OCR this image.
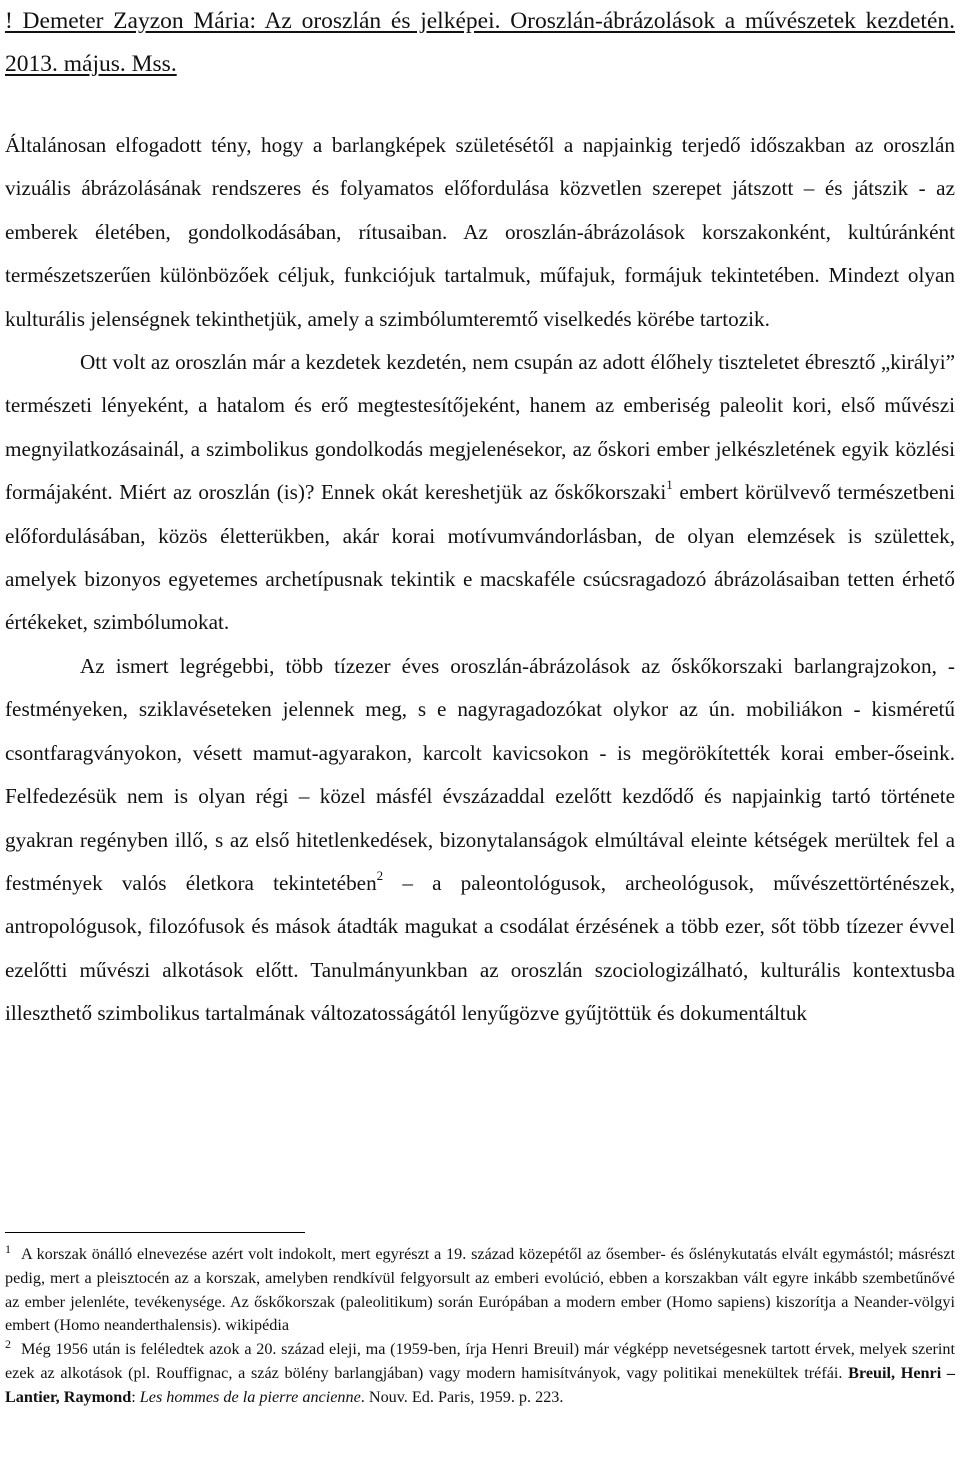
! Demeter Zayzon Mária: Az oroszlán és jelképei. Oroszlán-ábrázolások a művészetek kezdetén. 2013. május. Mss.

Általánosan elfogadott tény, hogy a barlangképek születésétől a napjainkig terjedő időszakban az oroszlán vizuális ábrázolásának rendszeres és folyamatos előfordulása közvetlen szerepet játszott – és játszik - az emberek életében, gondolkodásában, rítusaiban. Az oroszlán-ábrázolások korszakonként, kultúránként természetszerűen különbözőek céljuk, funkciójuk tartalmuk, műfajuk, formájuk tekintetében. Mindezt olyan kulturális jelenségnek tekinthetjük, amely a szimbólumteremtő viselkedés körébe tartozik.

Ott volt az oroszlán már a kezdetek kezdetén, nem csupán az adott élőhely tiszteletet ébresztő „királyi” természeti lényeként, a hatalom és erő megtestesítőjeként, hanem az emberiség paleolit kori, első művészi megnyilatkozásainál, a szimbolikus gondolkodás megjelenésekor, az őskori ember jelkészletének egyik közlési formájaként. Miért az oroszlán (is)? Ennek okát kereshetjük az őskőkorszaki$^1$ embert körülvevő természetbeni előfordulásában, közös életterükben, akár korai motívumvándorlásban, de olyan elemzések is születtek, amelyek bizonyos egyetemes archetípusnak tekintik e macskaféle csúcsragadozó ábrázolásaiban tetten érhető értékeket, szimbólumokat.

Az ismert legrégebbi, több tízezer éves oroszlán-ábrázolások az őskőkorszaki barlangrajzokon, -festményeken, sziklavéseteken jelennek meg, s e nagyragadozókat olykor az ún. mobiliákon - kisméretű csontfaragványokon, vésett mamut-agyarakon, karcolt kavicsokon - is megörökítették korai ember-őseink. Felfedezésük nem is olyan régi – közel másfél évszázaddal ezelőtt kezdődő és napjainkig tartó története gyakran regényben illő, s az első hitetlenkedések, bizonytalanságok elmúltával eleinte kétségek merültek fel a festmények valós életkora tekintetében$^2$ – a paleontológusok, archeológusok, művészettörténészek, antropológusok, filozófusok és mások átadták magukat a csodálat érzésének a több ezer, sőt több tízezer évvel ezelőtti művészi alkotások előtt. Tanulmányunkban az oroszlán szociologizálható, kulturális kontextusba illeszthető szimbolikus tartalmának változatosságától lenyűgözve gyűjtöttük és dokumentáltuk

$^1$ A korszak önálló elnevezése azért volt indokolt, mert egyrészt a 19. század közepétől az ősember- és őslénykutatás elvált egymástól; másrészt pedig, mert a pleisztocén az a korszak, amelyben rendkívül felgyorsult az emberi evolúció, ebben a korszakban vált egyre inkább szembetűnővé az ember jelenléte, tevékenysége. Az őskőkorszak (paleolitikum) során Európában a modern ember (Homo sapiens) kiszorítja a Neander-völgyi embert (Homo neanderthalensis). wikipédia

$^2$ Még 1956 után is feléledtek azok a 20. század eleji, ma (1959-ben, írja Henri Breuil) már végképp nevetségesnek tartott érvek, melyek szerint ezek az alkotások (pl. Rouffignac, a száz bölény barlangjában) vagy modern hamisítványok, vagy politikai menekültek tréfái. Breuil, Henri – Lantier, Raymond: Les hommes de la pierre ancienne. Nouv. Ed. Paris, 1959. p. 223.
